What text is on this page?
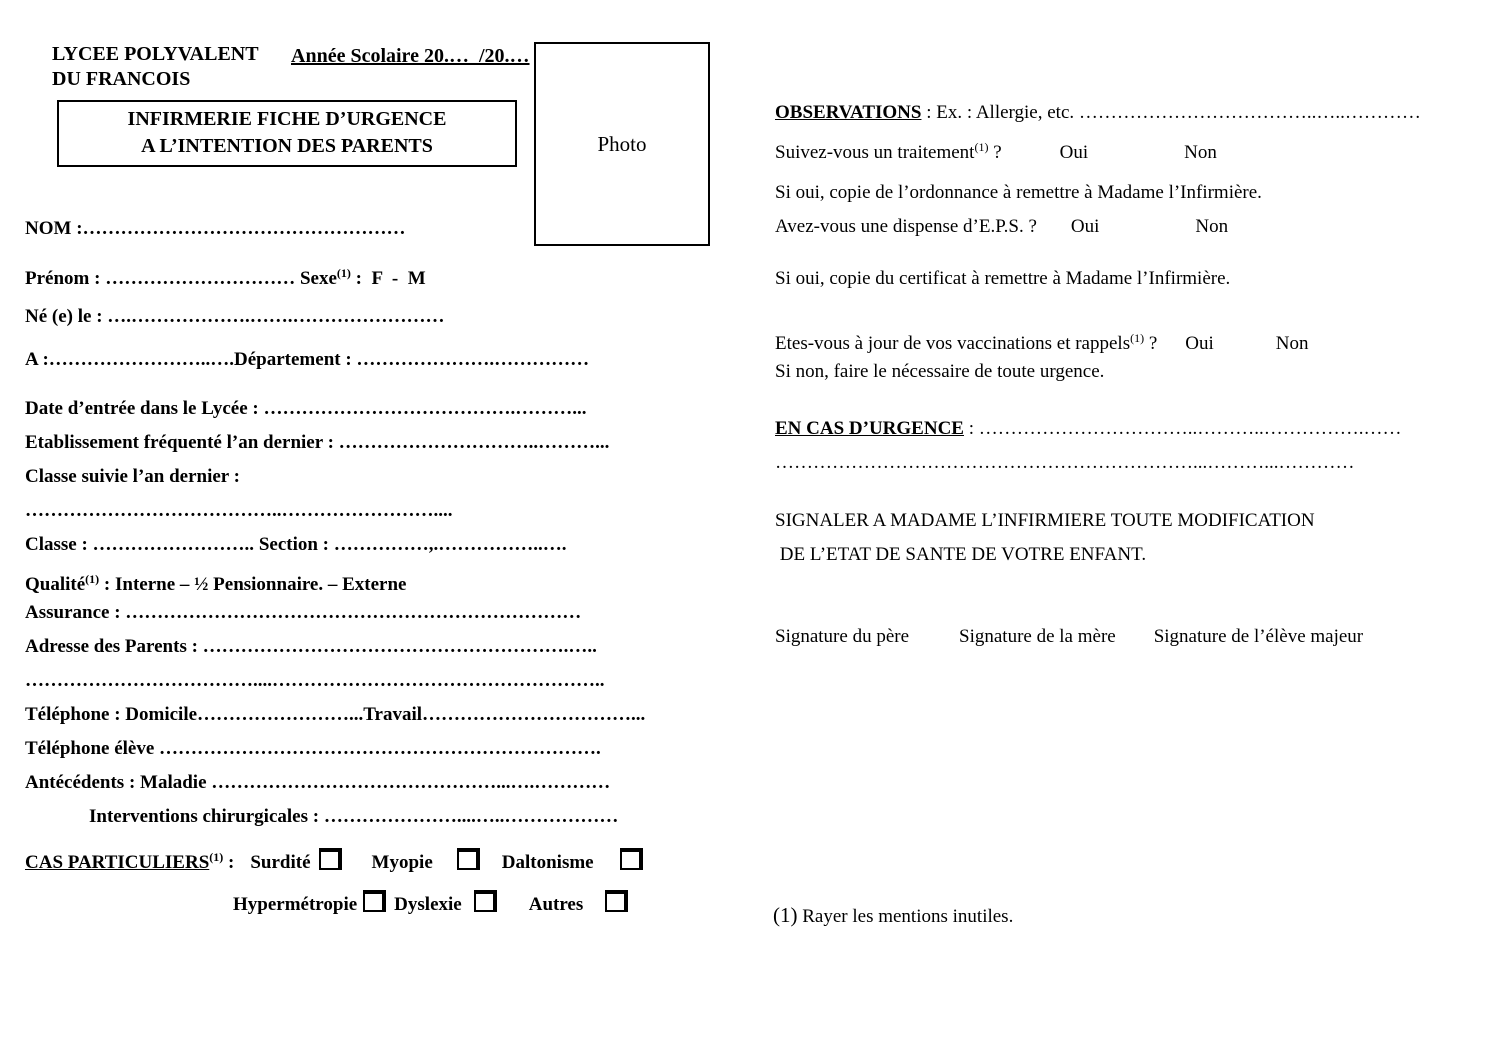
LYCEE POLYVALENT
DU FRANCOIS
Année Scolaire 20.…  /20.…
INFIRMERIE FICHE D’URGENCE
A L’INTENTION DES PARENTS	Photo
NOM :……………………………………………
Prénom : ………………………… Sexe$^{(1)}$ :  F  -  M
Né (e) le : ….……………….…….……………………
A :……………………..….Département : ………………….……………
Date d’entrée dans le Lycée : ………………………………….………...
Etablissement fréquenté l’an dernier : …………………………..………...
Classe suivie l’an dernier :
…………………………………..……………………....
Classe : …………………….. Section : ……………,.……………..….
Qualité$^{(1)}$ : Interne – ½ Pensionnaire. – Externe
Assurance : ………………………………………………………………
Adresse des Parents : ………………………………………………….…..
………………………………....……………………………………………..
Téléphone : Domicile……………………...Travail……………………………...
Téléphone élève …………………………………………………………….
Antécédents : Maladie ………………………………………...….…………
Interventions chirurgicales : …………………....…..………………
CAS PARTICULIERS$^{(1)}$ : Surdité	Myopie	Daltonisme
Hypermétropie Dyslexie	Autres
OBSERVATIONS : Ex. : Allergie, etc. ………………………………..…..…………
Suivez-vous un traitement$^{(1)}$ ?	Oui	Non
Si oui, copie de l’ordonnance à remettre à Madame l’Infirmière.
Avez-vous une dispense d’E.P.S. ? Oui	Non
Si oui, copie du certificat à remettre à Madame l’Infirmière.
Etes-vous à jour de vos vaccinations et rappels$^{(1)}$ ? Oui	Non
Si non, faire le nécessaire de toute urgence.
EN CAS D’URGENCE : ……………………………..………..…………….……
…………………………………………………………...………...…………
SIGNALER A MADAME L’INFIRMIERE TOUTE MODIFICATION
DE L’ETAT DE SANTE DE VOTRE ENFANT.
Signature du père	Signature de la mère Signature de l’élève majeur
(1) Rayer les mentions inutiles.
